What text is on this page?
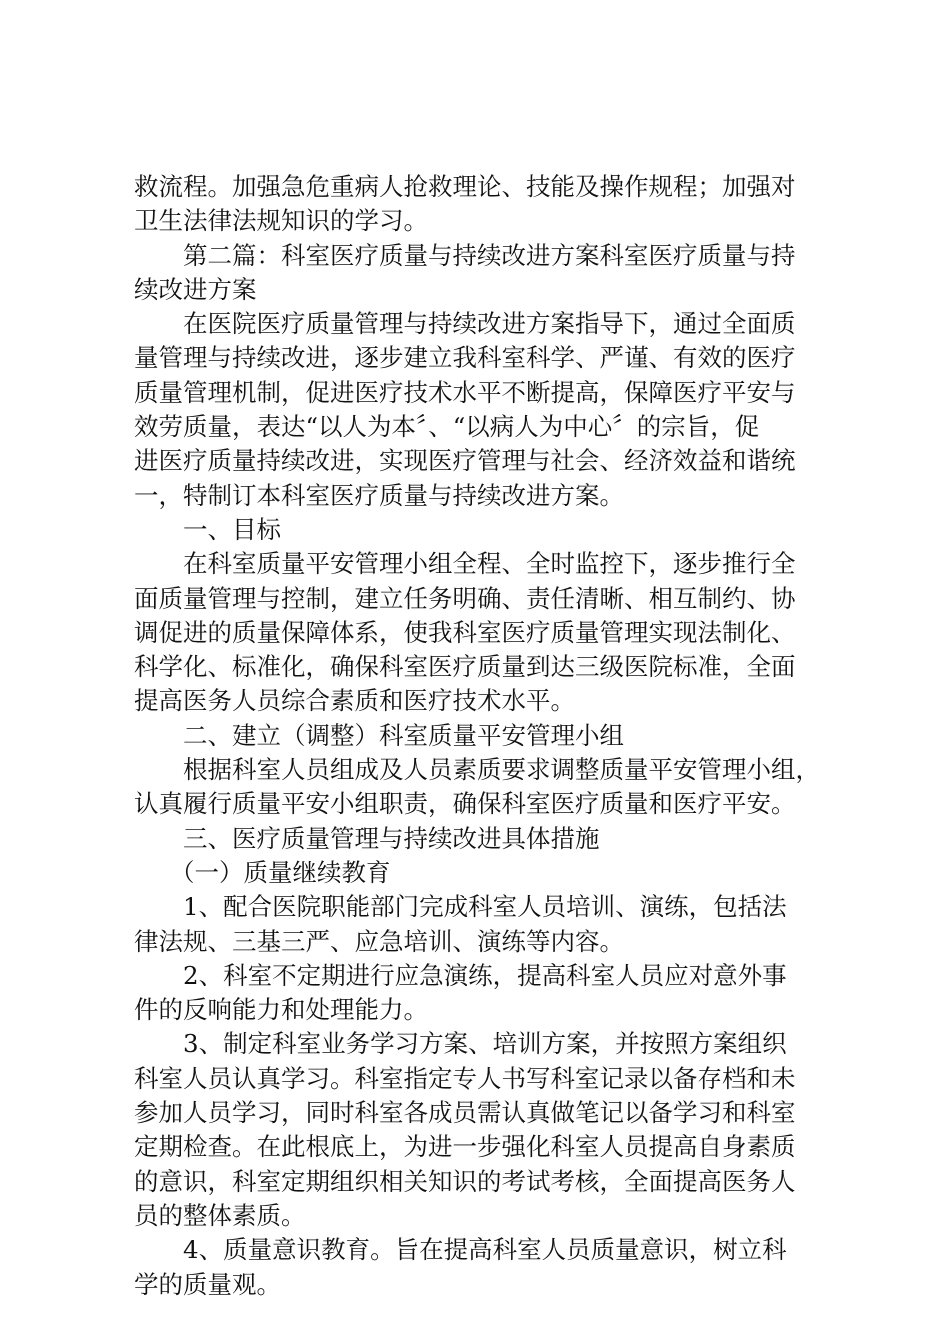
救流程。加强急危重病人抢救理论、技能及操作规程；加强对
卫生法律法规知识的学习。
第二篇：科室医疗质量与持续改进方案科室医疗质量与持
续改进方案
在医院医疗质量管理与持续改进方案指导下，通过全面质
量管理与持续改进，逐步建立我科室科学、严谨、有效的医疗
质量管理机制，促进医疗技术水平不断提高，保障医疗平安与
效劳质量，表达“以人为本〞、“以病人为中心〞的宗旨，促
进医疗质量持续改进，实现医疗管理与社会、经济效益和谐统
一，特制订本科室医疗质量与持续改进方案。
一、目标
在科室质量平安管理小组全程、全时监控下，逐步推行全
面质量管理与控制，建立任务明确、责任清晰、相互制约、协
调促进的质量保障体系，使我科室医疗质量管理实现法制化、
科学化、标准化，确保科室医疗质量到达三级医院标准，全面
提高医务人员综合素质和医疗技术水平。
二、建立（调整）科室质量平安管理小组
根据科室人员组成及人员素质要求调整质量平安管理小组，
认真履行质量平安小组职责，确保科室医疗质量和医疗平安。
三、医疗质量管理与持续改进具体措施
（一）质量继续教育
1、配合医院职能部门完成科室人员培训、演练，包括法
律法规、三基三严、应急培训、演练等内容。
2、科室不定期进行应急演练，提高科室人员应对意外事
件的反响能力和处理能力。
3、制定科室业务学习方案、培训方案，并按照方案组织
科室人员认真学习。科室指定专人书写科室记录以备存档和未
参加人员学习，同时科室各成员需认真做笔记以备学习和科室
定期检查。在此根底上，为进一步强化科室人员提高自身素质
的意识，科室定期组织相关知识的考试考核，全面提高医务人
员的整体素质。
4、质量意识教育。旨在提高科室人员质量意识，树立科
学的质量观。
